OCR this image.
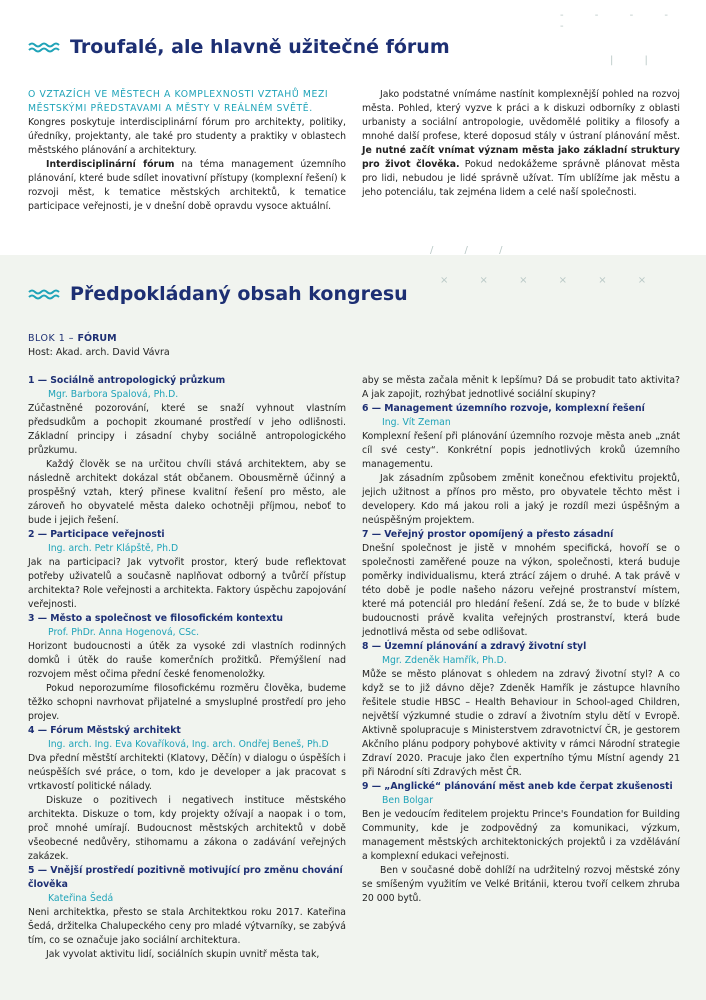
- - - - -
| |
Troufalé, ale hlavně užitečné fórum

O VZTAZÍCH VE MĚSTECH A KOMPLEXNOSTI VZTAHŮ MEZI MĚSTSKÝMI PŘEDSTAVAMI A MĚSTY V REÁLNÉM SVĚTĚ.

Kongres poskytuje interdisciplinární fórum pro architekty, politiky, úředníky, projektanty, ale také pro studenty a praktiky v oblastech městského plánování a architektury.

Interdisciplinární fórum na téma management územního plánování, které bude sdílet inovativní přístupy (komplexní řešení) k rozvoji měst, k tematice městských architektů, k tematice participace veřejnosti, je v dnešní době opravdu vysoce aktuální.

Jako podstatné vnímáme nastínit komplexnější pohled na rozvoj města. Pohled, který vyzve k práci a k diskuzi odborníky z oblasti urbanisty a sociální antropologie, uvědomělé politiky a filosofy a mnohé další profese, které doposud stály v ústraní plánování měst. Je nutné začít vnímat význam města jako základní struktury pro život člověka. Pokud nedokážeme správně plánovat města pro lidi, nebudou je lidé správně užívat. Tím ublížíme jak městu a jeho potenciálu, tak zejména lidem a celé naší společnosti.

× × × × × ×
/ / /
Předpokládaný obsah kongresu
BLOK 1 – FÓRUM
Host: Akad. arch. David Vávra
1 — Sociálně antropologický průzkum
Mgr. Barbora Spalová, Ph.D.

Zúčastněné pozorování, které se snaží vyhnout vlastním předsudkům a pochopit zkoumané prostředí v jeho odlišnosti. Základní principy i zásadní chyby sociálně antropologického průzkumu.

Každý člověk se na určitou chvíli stává architektem, aby se následně architekt dokázal stát občanem. Obousměrně účinný a prospěšný vztah, který přinese kvalitní řešení pro město, ale zároveň ho obyvatelé města daleko ochotněji příjmou, neboť to bude i jejich řešení.

2 — Participace veřejnosti
Ing. arch. Petr Klápště, Ph.D

Jak na participaci? Jak vytvořit prostor, který bude reflektovat potřeby uživatelů a současně naplňovat odborný a tvůrčí přístup architekta? Role veřejnosti a architekta. Faktory úspěchu zapojování veřejnosti.

3 — Město a společnost ve filosofickém kontextu
Prof. PhDr. Anna Hogenová, CSc.

Horizont budoucnosti a útěk za vysoké zdi vlastních rodinných domků i útěk do rauše komerčních prožitků. Přemýšlení nad rozvojem měst očima přední české fenomenoložky.

Pokud neporozumíme filosofickému rozměru člověka, budeme těžko schopni navrhovat přijatelné a smysluplné prostředí pro jeho projev.

4 — Fórum Městský architekt
Ing. arch. Ing. Eva Kovaříková, Ing. arch. Ondřej Beneš, Ph.D

Dva přední městští architekti (Klatovy, Děčín) v dialogu o úspěších i neúspěších své práce, o tom, kdo je developer a jak pracovat s vrtkavostí politické nálady.

Diskuze o pozitivech i negativech instituce městského architekta. Diskuze o tom, kdy projekty ožívají a naopak i o tom, proč mnohé umírají. Budoucnost městských architektů v době všeobecné nedůvěry, stihomamu a zákona o zadávání veřejných zakázek.

5 — Vnější prostředí pozitivně motivující pro změnu chování člověka
Kateřina Šedá

Neni architektka, přesto se stala Architektkou roku 2017. Kateřina Šedá, držitelka Chalupeckého ceny pro mladé výtvarníky, se zabývá tím, co se označuje jako sociální architektura.

Jak vyvolat aktivitu lidí, sociálních skupin uvnitř města tak,

aby se města začala měnit k lepšímu? Dá se probudit tato aktivita? A jak zapojit, rozhýbat jednotlivé sociální skupiny?

6 — Management územního rozvoje, komplexní řešení
Ing. Vít Zeman

Komplexní řešení při plánování územního rozvoje města aneb „znát cíl své cesty“. Konkrétní popis jednotlivých kroků územního managementu.

Jak zásadním způsobem změnit konečnou efektivitu projektů, jejich užitnost a přínos pro město, pro obyvatele těchto měst i developery. Kdo má jakou roli a jaký je rozdíl mezi úspěšným a neúspěšným projektem.

7 — Veřejný prostor opomíjený a přesto zásadní

Dnešní společnost je jistě v mnohém specifická, hovoří se o společnosti zaměřené pouze na výkon, společnosti, která buduje poměrky individualismu, která ztrácí zájem o druhé. A tak právě v této době je podle našeho názoru veřejné prostranství místem, které má potenciál pro hledání řešení. Zdá se, že to bude v blízké budoucnosti právě kvalita veřejných prostranství, která bude jednotlivá města od sebe odlišovat.

8 — Územní plánování a zdravý životní styl
Mgr. Zdeněk Hamřík, Ph.D.

Může se město plánovat s ohledem na zdravý životní styl? A co když se to již dávno děje? Zdeněk Hamřík je zástupce hlavního řešitele studie HBSC – Health Behaviour in School-aged Children, největší výzkumné studie o zdraví a životním stylu dětí v Evropě. Aktivně spolupracuje s Ministerstvem zdravotnictví ČR, je gestorem Akčního plánu podpory pohybové aktivity v rámci Národní strategie Zdraví 2020. Pracuje jako člen expertního týmu Místní agendy 21 při Národní síti Zdravých měst ČR.

9 — „Anglické“ plánování měst aneb kde čerpat zkušenosti
Ben Bolgar

Ben je vedoucím ředitelem projektu Prince's Foundation for Building Community, kde je zodpovědný za komunikaci, výzkum, management městských architektonických projektů i za vzdělávání a komplexní edukaci veřejnosti.

Ben v současné době dohlíží na udržitelný rozvoj městské zóny se smíšeným využitím ve Velké Británii, kterou tvoří celkem zhruba 20 000 bytů.
